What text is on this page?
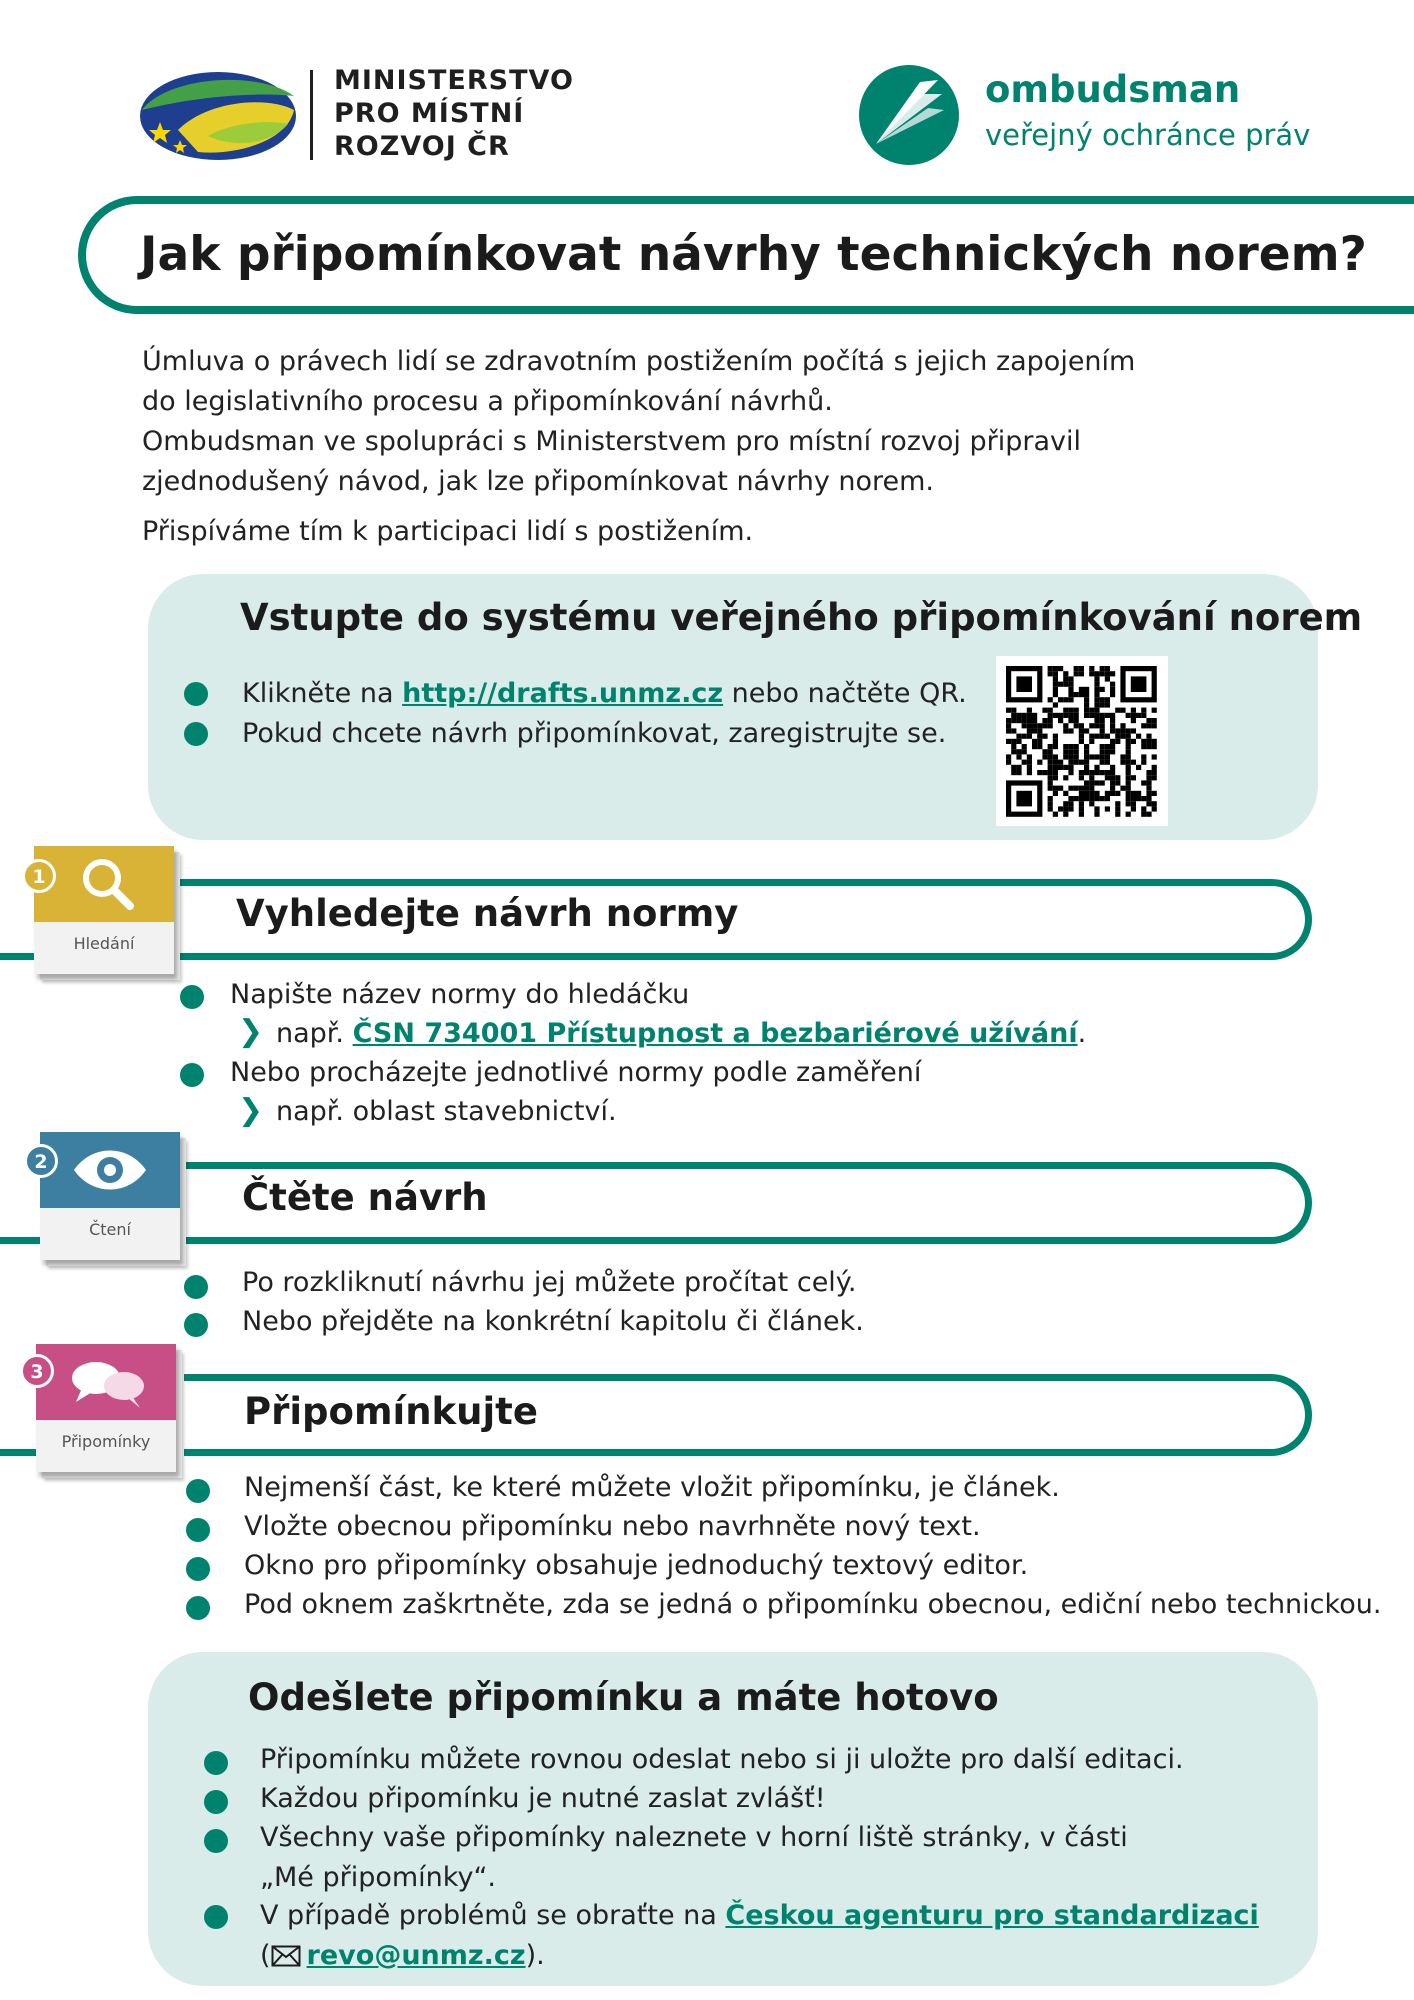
MINISTERSTVO
PRO MÍSTNÍ
ROZVOJ ČR
ombudsman
veřejný ochránce práv
Jak připomínkovat návrhy technických norem?
Úmluva o právech lidí se zdravotním postižením počítá s jejich zapojením
do legislativního procesu a připomínkování návrhů.
Ombudsman ve spolupráci s Ministerstvem pro místní rozvoj připravil
zjednodušený návod, jak lze připomínkovat návrhy norem.
Přispíváme tím k participaci lidí s postižením.
Vstupte do systému veřejného připomínkování norem
Klikněte na http://drafts.unmz.cz nebo načtěte QR.
Pokud chcete návrh připomínkovat, zaregistrujte se.
Hledání
1
Vyhledejte návrh normy
Napište název normy do hledáčku
❯ např. ČSN 734001 Přístupnost a bezbariérové užívání.
Nebo procházejte jednotlivé normy podle zaměření
❯ např. oblast stavebnictví.
Čtení
2
Čtěte návrh
Po rozkliknutí návrhu jej můžete pročítat celý.
Nebo přejděte na konkrétní kapitolu či článek.
Připomínky
3
Připomínkujte
Nejmenší část, ke které můžete vložit připomínku, je článek.
Vložte obecnou připomínku nebo navrhněte nový text.
Okno pro připomínky obsahuje jednoduchý textový editor.
Pod oknem zaškrtněte, zda se jedná o připomínku obecnou, ediční nebo technickou.
Odešlete připomínku a máte hotovo
Připomínku můžete rovnou odeslat nebo si ji uložte pro další editaci.
Každou připomínku je nutné zaslat zvlášť!
Všechny vaše připomínky naleznete v horní liště stránky, v části
„Mé připomínky“.
V případě problémů se obraťte na Českou agenturu pro standardizaci
( revo@unmz.cz).
